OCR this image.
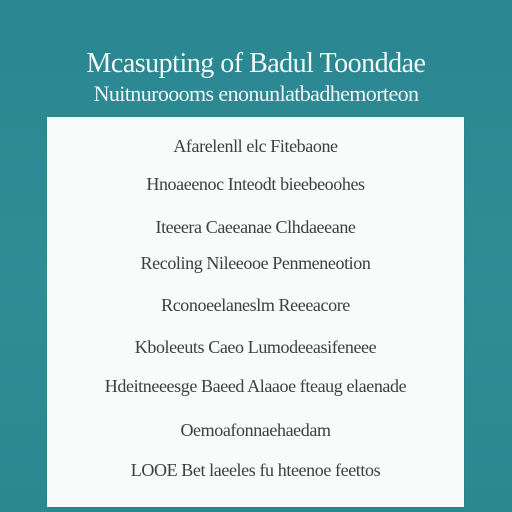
Mcasupting of Badul Toonddae
Nuitnuroooms enonunlatbadhemorteon
Afarelenll elc Fitebaone
Hnoaeenoc Inteodt bieebeoohes
Iteeera Caeeanae Clhdaeeane
Recoling Nileeooe Penmeneotion
Rconoeelaneslm Reeeacore
Kboleeuts Caeo Lumodeeasifeneee
Hdeitneeesge Baeed Alaaoe fteaug elaenade
Oemoafonnaehaedam
LOOE Bet laeeles fu hteenoe feettos
